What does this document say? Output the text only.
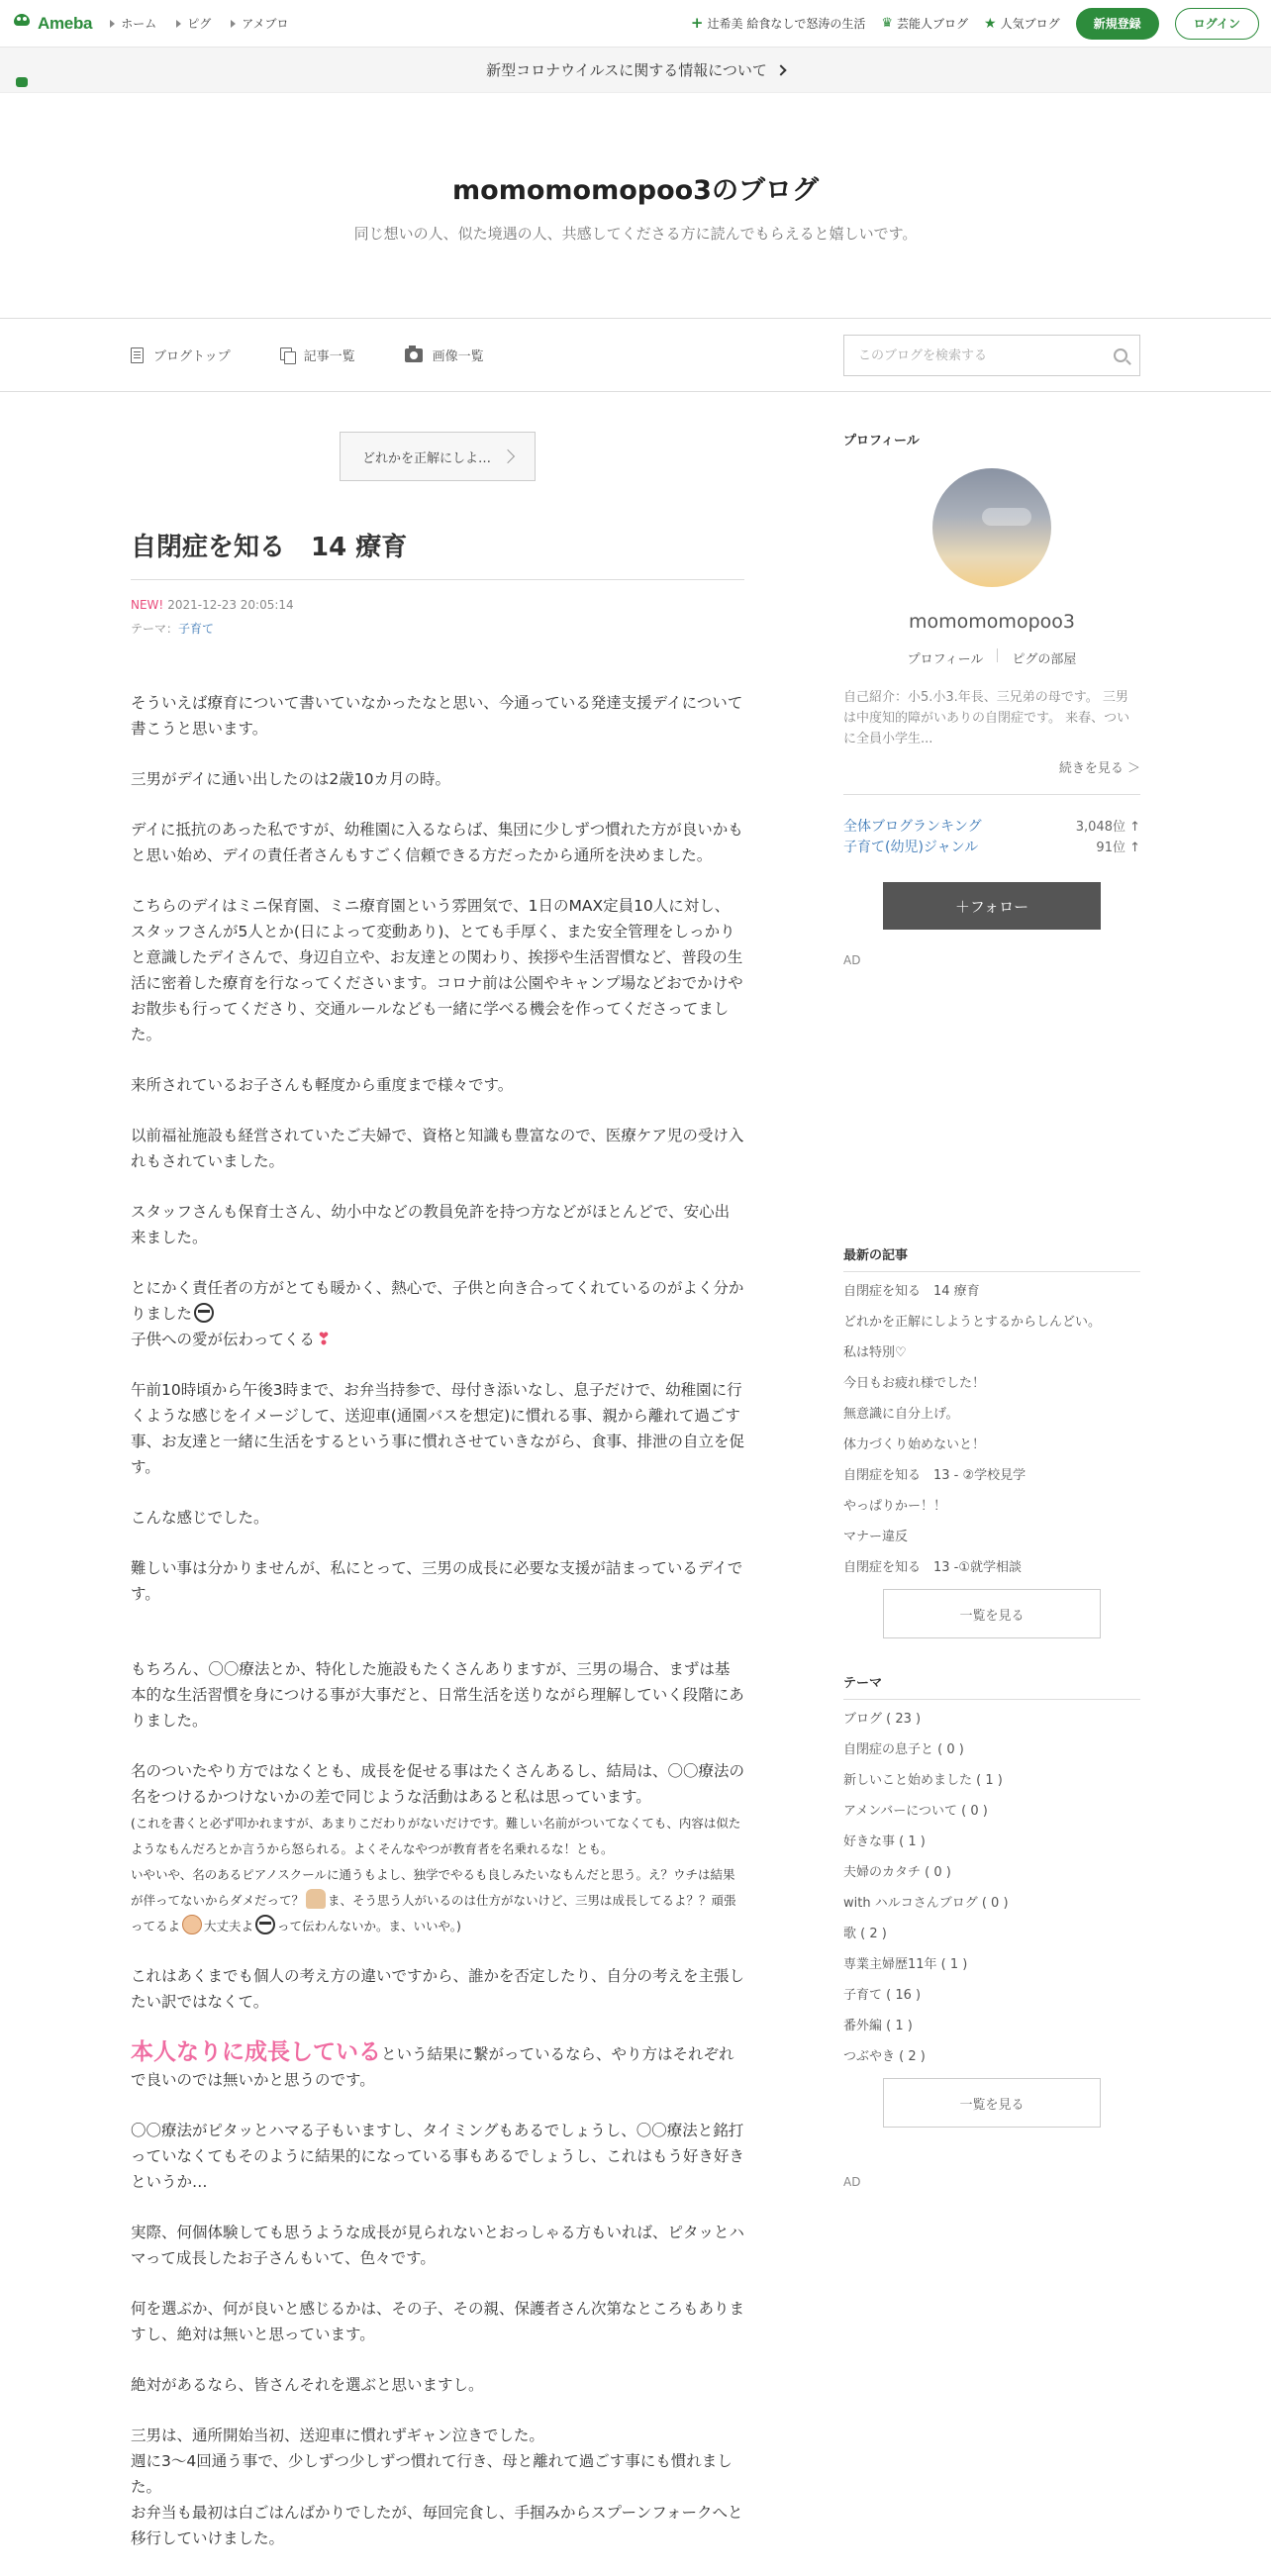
Ameba ホーム	ピグ	アメブロ	+ 辻希美 給食なしで怒涛の生活 ♛ 芸能人ブログ ★ 人気ブログ	新規登録	ログイン
新型コロナウイルスに関する情報について
momomomopoo3のブログ
同じ想いの人、似た境遇の人、共感してくださる方に読んでもらえると嬉しいです。
ブログトップ	記事一覧	画像一覧
このブログを検索する
どれかを正解にしよ…
自閉症を知る　14 療育
NEW! 2021-12-23 20:05:14
テーマ：子育て

そういえば療育について書いていなかったなと思い、今通っている発達支援デイについて書こうと思います。

三男がデイに通い出したのは2歳10カ月の時。

デイに抵抗のあった私ですが、幼稚園に入るならば、集団に少しずつ慣れた方が良いかもと思い始め、デイの責任者さんもすごく信頼できる方だったから通所を決めました。

こちらのデイはミニ保育園、ミニ療育園という雰囲気で、1日のMAX定員10人に対し、スタッフさんが5人とか(日によって変動あり)、とても手厚く、また安全管理をしっかりと意識したデイさんで、身辺自立や、お友達との関わり、挨拶や生活習慣など、普段の生活に密着した療育を行なってくださいます。コロナ前は公園やキャンプ場などおでかけやお散歩も行ってくださり、交通ルールなども一緒に学べる機会を作ってくださってました。

来所されているお子さんも軽度から重度まで様々です。

以前福祉施設も経営されていたご夫婦で、資格と知識も豊富なので、医療ケア児の受け入れもされていました。

スタッフさんも保育士さん、幼小中などの教員免許を持つ方などがほとんどで、安心出来ました。

とにかく責任者の方がとても暖かく、熱心で、子供と向き合ってくれているのがよく分かりました
子供への愛が伝わってくる ❣

午前10時頃から午後3時まで、お弁当持参で、母付き添いなし、息子だけで、幼稚園に行くような感じをイメージして、送迎車(通園バスを想定)に慣れる事、親から離れて過ごす事、お友達と一緒に生活をするという事に慣れさせていきながら、食事、排泄の自立を促す。

こんな感じでした。

難しい事は分かりませんが、私にとって、三男の成長に必要な支援が詰まっているデイです。

もちろん、〇〇療法とか、特化した施設もたくさんありますが、三男の場合、まずは基本的な生活習慣を身につける事が大事だと、日常生活を送りながら理解していく段階にありました。

名のついたやり方ではなくとも、成長を促せる事はたくさんあるし、結局は、〇〇療法の名をつけるかつけないかの差で同じような活動はあると私は思っています。
(これを書くと必ず叩かれますが、あまりこだわりがないだけです。難しい名前がついてなくても、内容は似たようなもんだろとか言うから怒られる。よくそんなやつが教育者を名乗れるな！とも。
いやいや、名のあるピアノスクールに通うもよし、独学でやるも良しみたいなもんだと思う。え？ウチは結果が伴ってないからダメだって？ ま、そう思う人がいるのは仕方がないけど、三男は成長してるよ？？頑張ってるよ 大丈夫よ って伝わんないか。ま、いいや。)

これはあくまでも個人の考え方の違いですから、誰かを否定したり、自分の考えを主張したい訳ではなくて。

本人なりに成長しているという結果に繋がっているなら、やり方はそれぞれで良いのでは無いかと思うのです。

〇〇療法がピタッとハマる子もいますし、タイミングもあるでしょうし、〇〇療法と銘打っていなくてもそのように結果的になっている事もあるでしょうし、これはもう好き好きというか…

実際、何個体験しても思うような成長が見られないとおっしゃる方もいれば、ピタッとハマって成長したお子さんもいて、色々です。

何を選ぶか、何が良いと感じるかは、その子、その親、保護者さん次第なところもありますし、絶対は無いと思っています。

絶対があるなら、皆さんそれを選ぶと思いますし。

三男は、通所開始当初、送迎車に慣れずギャン泣きでした。
週に3〜4回通う事で、少しずつ少しずつ慣れて行き、母と離れて過ごす事にも慣れました。
お弁当も最初は白ごはんばかりでしたが、毎回完食し、手掴みからスプーンフォークへと移行していけました。

プロフィール
momomomopoo3
プロフィール ピグの部屋
自己紹介：小5.小3.年長、三兄弟の母です。 三男は中度知的障がいありの自閉症です。 来春、ついに全員小学生...
続きを見る ＞
全体ブログランキング	3,048位 ↑
子育て(幼児)ジャンル	91位 ↑
＋フォロー
AD
最新の記事
自閉症を知る　14 療育
どれかを正解にしようとするからしんどい。
私は特別♡
今日もお疲れ様でした！
無意識に自分上げ。
体力づくり始めないと！
自閉症を知る　13 - ②学校見学
やっぱりかー！！
マナー違反
自閉症を知る　13 -①就学相談
一覧を見る
テーマ
ブログ ( 23 )
自閉症の息子と ( 0 )
新しいこと始めました ( 1 )
アメンバーについて ( 0 )
好きな事 ( 1 )
夫婦のカタチ ( 0 )
with ハルコさんブログ ( 0 )
歌 ( 2 )
専業主婦歴11年 ( 1 )
子育て ( 16 )
番外編 ( 1 )
つぶやき ( 2 )
一覧を見る
AD
